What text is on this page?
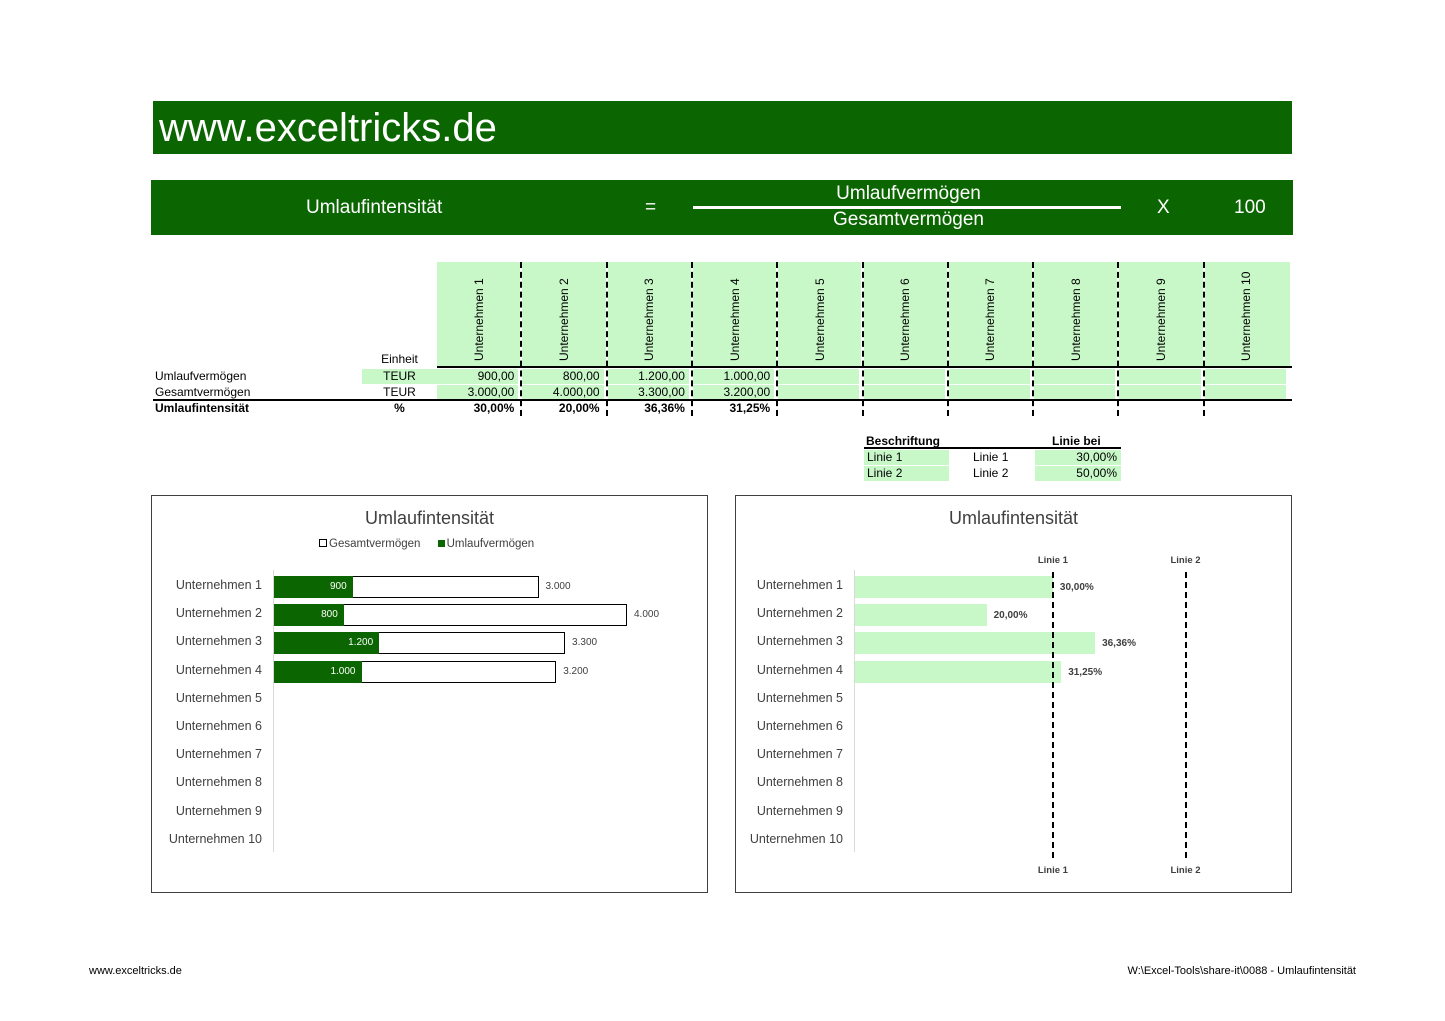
www.exceltricks.de
Umlaufintensität	=
Umlaufvermögen
Gesamtvermögen
X	100
Unternehmen 1	Unternehmen 2	Unternehmen 3	Unternehmen 4	Unternehmen 5	Unternehmen 6	Unternehmen 7	Unternehmen 8	Unternehmen 9	Unternehmen 10
Einheit
Umlaufvermögen	TEUR	900,00	800,00	1.200,00	1.000,00
Gesamtvermögen	TEUR	3.000,00	4.000,00	3.300,00	3.200,00
Umlaufintensität	%	30,00%	20,00%	36,36%	31,25%
Beschriftung	Linie bei
Linie 1	Linie 1	30,00%
Linie 2	Linie 2	50,00%
Umlaufintensität
Gesamtvermögen Umlaufvermögen
Unternehmen 1	3.000
900
Unternehmen 2	4.000
800
Unternehmen 3	3.300
1.200
Unternehmen 4	3.200
1.000
Unternehmen 5
Unternehmen 6
Unternehmen 7
Unternehmen 8
Unternehmen 9
Unternehmen 10
Umlaufintensität
Unternehmen 1	30,00%
Unternehmen 2	20,00%
Unternehmen 3	36,36%
Unternehmen 4	31,25%
Unternehmen 5
Unternehmen 6
Unternehmen 7
Unternehmen 8
Unternehmen 9
Unternehmen 10
Linie 1
Linie 1
Linie 2
Linie 2
www.exceltricks.de	W:\Excel-Tools\share-it\0088 - Umlaufintensität
